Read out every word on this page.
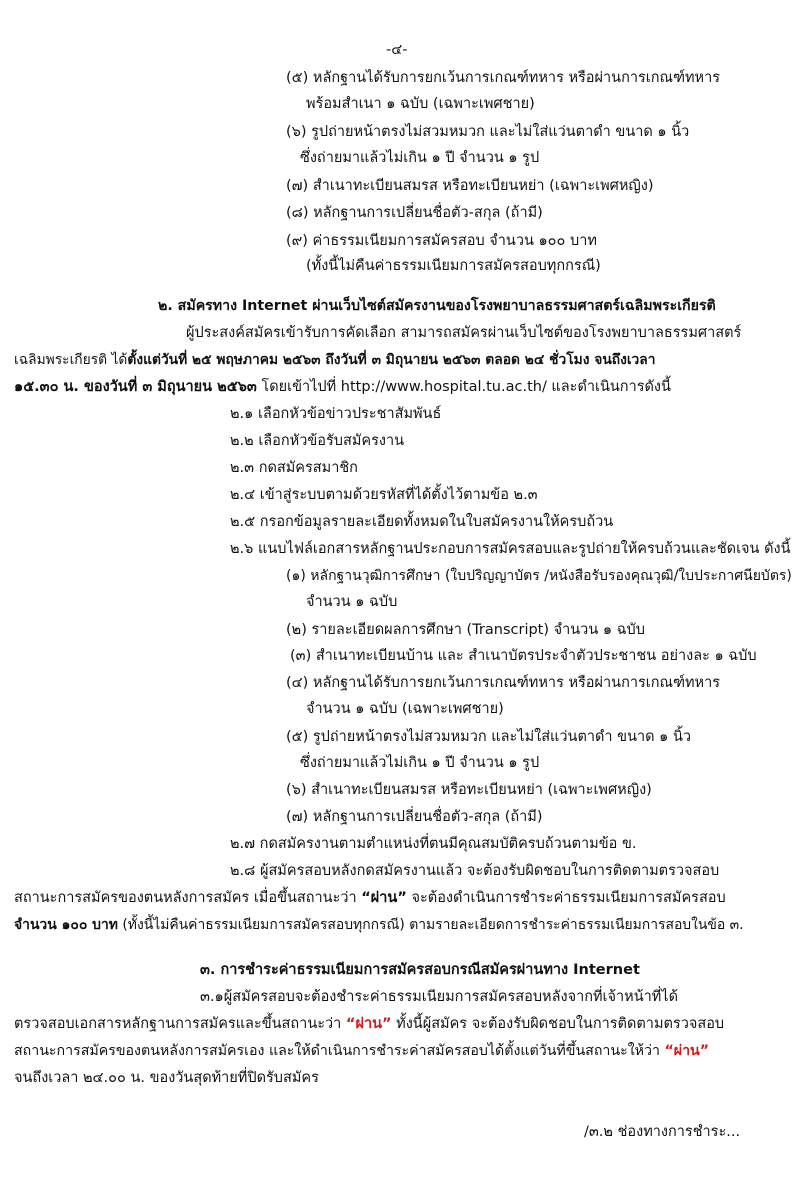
-๔-
(๕) หลักฐานได้รับการยกเว้นการเกณฑ์ทหาร หรือผ่านการเกณฑ์ทหาร
พร้อมสำเนา ๑ ฉบับ (เฉพาะเพศชาย)
(๖) รูปถ่ายหน้าตรงไม่สวมหมวก และไม่ใส่แว่นตาดำ ขนาด ๑ นิ้ว
ซึ่งถ่ายมาแล้วไม่เกิน ๑ ปี จำนวน ๑ รูป
(๗) สำเนาทะเบียนสมรส หรือทะเบียนหย่า (เฉพาะเพศหญิง)
(๘) หลักฐานการเปลี่ยนชื่อตัว-สกุล (ถ้ามี)
(๙) ค่าธรรมเนียมการสมัครสอบ จำนวน ๑๐๐ บาท
(ทั้งนี้ไม่คืนค่าธรรมเนียมการสมัครสอบทุกกรณี)
๒. สมัครทาง Internet ผ่านเว็บไซต์สมัครงานของโรงพยาบาลธรรมศาสตร์เฉลิมพระเกียรติ
ผู้ประสงค์สมัครเข้ารับการคัดเลือก สามารถสมัครผ่านเว็บไซต์ของโรงพยาบาลธรรมศาสตร์
เฉลิมพระเกียรติ ได้ตั้งแต่วันที่ ๒๕ พฤษภาคม ๒๕๖๓ ถึงวันที่ ๓ มิถุนายน ๒๕๖๓ ตลอด ๒๔ ชั่วโมง จนถึงเวลา
๑๕.๓๐ น. ของวันที่ ๓ มิถุนายน ๒๕๖๓ โดยเข้าไปที่ http://www.hospital.tu.ac.th/ และดำเนินการดังนี้
๒.๑ เลือกหัวข้อข่าวประชาสัมพันธ์
๒.๒ เลือกหัวข้อรับสมัครงาน
๒.๓ กดสมัครสมาชิก
๒.๔ เข้าสู่ระบบตามด้วยรหัสที่ได้ตั้งไว้ตามข้อ ๒.๓
๒.๕ กรอกข้อมูลรายละเอียดทั้งหมดในใบสมัครงานให้ครบถ้วน
๒.๖ แนบไฟล์เอกสารหลักฐานประกอบการสมัครสอบและรูปถ่ายให้ครบถ้วนและชัดเจน ดังนี้
(๑) หลักฐานวุฒิการศึกษา (ใบปริญญาบัตร /หนังสือรับรองคุณวุฒิ/ใบประกาศนียบัตร)
จำนวน ๑ ฉบับ
(๒) รายละเอียดผลการศึกษา (Transcript) จำนวน ๑ ฉบับ
(๓) สำเนาทะเบียนบ้าน และ สำเนาบัตรประจำตัวประชาชน อย่างละ ๑ ฉบับ
(๔) หลักฐานได้รับการยกเว้นการเกณฑ์ทหาร หรือผ่านการเกณฑ์ทหาร
จำนวน ๑ ฉบับ (เฉพาะเพศชาย)
(๕) รูปถ่ายหน้าตรงไม่สวมหมวก และไม่ใส่แว่นตาดำ ขนาด ๑ นิ้ว
ซึ่งถ่ายมาแล้วไม่เกิน ๑ ปี จำนวน ๑ รูป
(๖) สำเนาทะเบียนสมรส หรือทะเบียนหย่า (เฉพาะเพศหญิง)
(๗) หลักฐานการเปลี่ยนชื่อตัว-สกุล (ถ้ามี)
๒.๗ กดสมัครงานตามตำแหน่งที่ตนมีคุณสมบัติครบถ้วนตามข้อ ข.
๒.๘ ผู้สมัครสอบหลังกดสมัครงานแล้ว จะต้องรับผิดชอบในการติดตามตรวจสอบ
สถานะการสมัครของตนหลังการสมัคร เมื่อขึ้นสถานะว่า “ผ่าน” จะต้องดำเนินการชำระค่าธรรมเนียมการสมัครสอบ
จำนวน ๑๐๐ บาท (ทั้งนี้ไม่คืนค่าธรรมเนียมการสมัครสอบทุกกรณี) ตามรายละเอียดการชำระค่าธรรมเนียมการสอบในข้อ ๓.
๓. การชำระค่าธรรมเนียมการสมัครสอบกรณีสมัครผ่านทาง Internet
๓.๑ผู้สมัครสอบจะต้องชำระค่าธรรมเนียมการสมัครสอบหลังจากที่เจ้าหน้าที่ได้
ตรวจสอบเอกสารหลักฐานการสมัครและขึ้นสถานะว่า “ผ่าน” ทั้งนี้ผู้สมัคร จะต้องรับผิดชอบในการติดตามตรวจสอบ
สถานะการสมัครของตนหลังการสมัครเอง และให้ดำเนินการชำระค่าสมัครสอบได้ตั้งแต่วันที่ขึ้นสถานะให้ว่า “ผ่าน”
จนถึงเวลา ๒๔.๐๐ น. ของวันสุดท้ายที่ปิดรับสมัคร
/๓.๒ ช่องทางการชำระ...
